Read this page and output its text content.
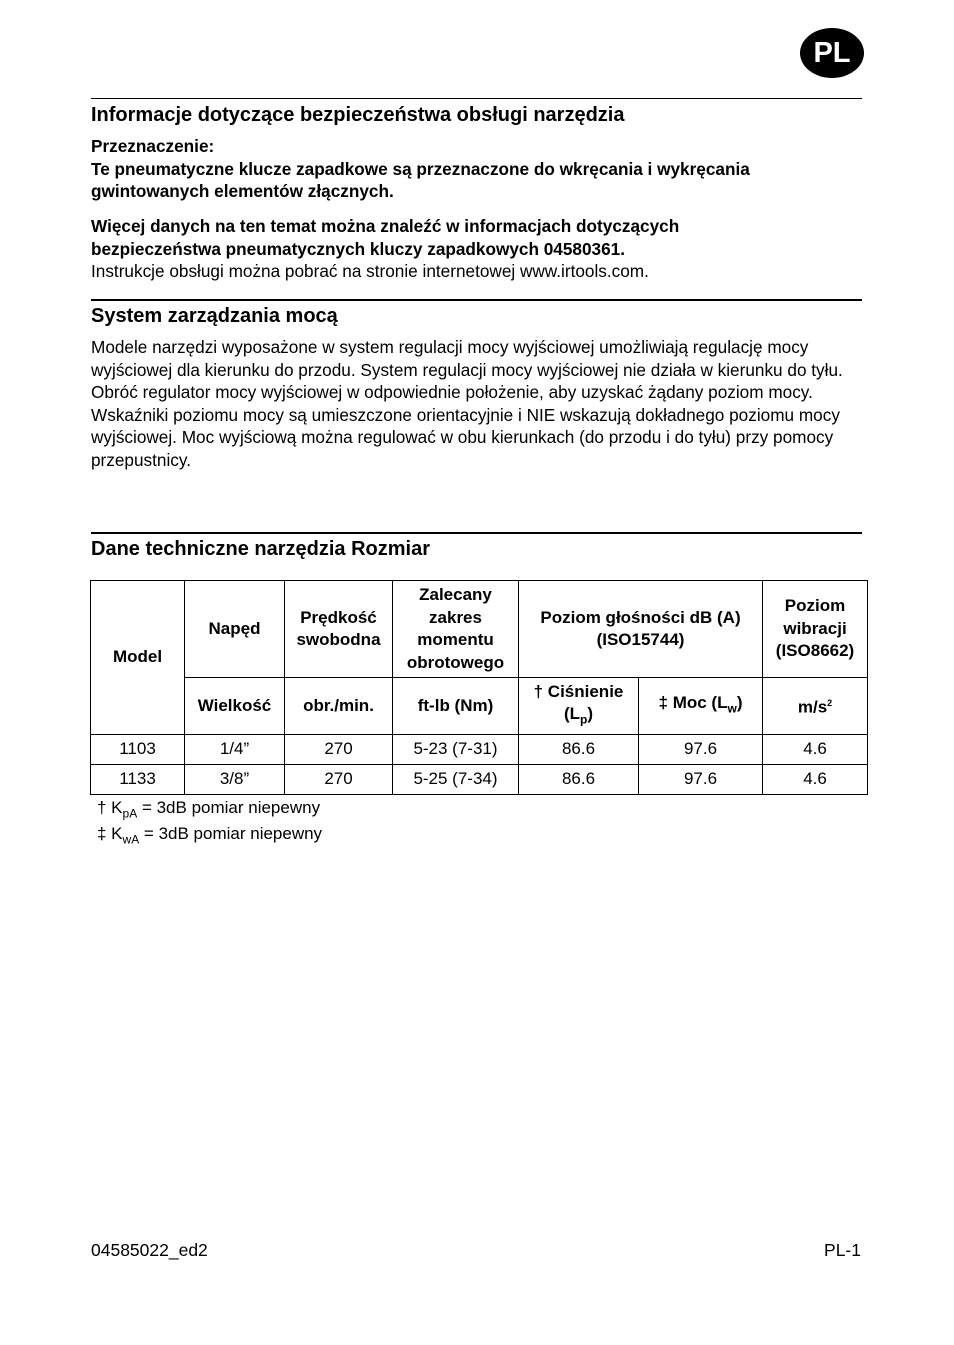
PL
Informacje dotyczące bezpieczeństwa obsługi narzędzia

Przeznaczenie:

Te pneumatyczne klucze zapadkowe są przeznaczone do wkręcania i wykręcania gwintowanych elementów złącznych.

Więcej danych na ten temat można znaleźć w informacjach dotyczących bezpieczeństwa pneumatycznych kluczy zapadkowych 04580361.

Instrukcje obsługi można pobrać na stronie internetowej www.irtools.com.

System zarządzania mocą

Modele narzędzi wyposażone w system regulacji mocy wyjściowej umożliwiają regulację mocy wyjściowej dla kierunku do przodu. System regulacji mocy wyjściowej nie działa w kierunku do tyłu.

Obróć regulator mocy wyjściowej w odpowiednie położenie, aby uzyskać żądany poziom mocy.

Wskaźniki poziomu mocy są umieszczone orientacyjnie i NIE wskazują dokładnego poziomu mocy wyjściowej. Moc wyjściową można regulować w obu kierunkach (do przodu i do tyłu) przy pomocy przepustnicy.

Dane techniczne narzędzia Rozmiar
Model	Napęd	Prędkość swobodna	Zalecany zakres momentu obrotowego	Poziom głośności dB (A) (ISO15744)		Poziom wibracji (ISO8662)
	Wielkość	obr./min.	ft-lb (Nm)	† Ciśnienie $(L_p)$	‡ Moc $(L_w)$	$m/s^2$
1103	1/4”	270	5-23 (7-31)	86.6	97.6	4.6
1133	3/8”	270	5-25 (7-34)	86.6	97.6	4.6
† $K_{pA} = 3dB$ pomiar niepewny
‡ $K_{wA} = 3dB$ pomiar niepewny
04585022_ed2	PL-1
